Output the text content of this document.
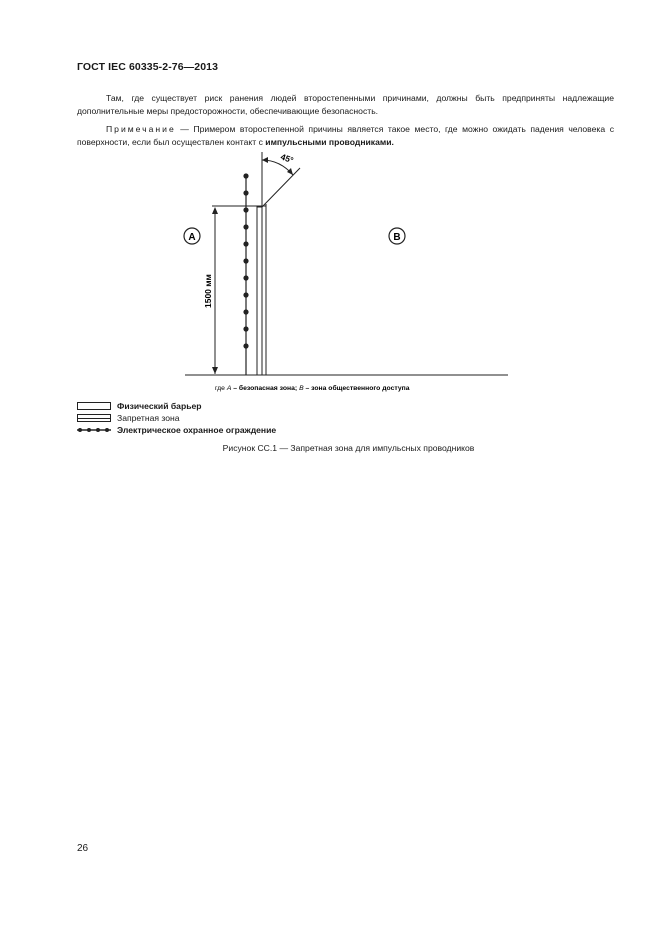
ГОСТ IEC 60335-2-76—2013
Там, где существует риск ранения людей второстепенными причинами, должны быть предприняты надлежащие дополнительные меры предосторожности, обеспечивающие безопасность.
Примечание — Примером второстепенной причины является такое место, где можно ожидать падения человека с поверхности, если был осуществлен контакт с импульсными проводниками.
45°
1500 мм
A	B
где A – безопасная зона; B – зона общественного доступа
Физический барьер
Запретная зона
Электрическое охранное ограждение
Рисунок СС.1 — Запретная зона для импульсных проводников
26
